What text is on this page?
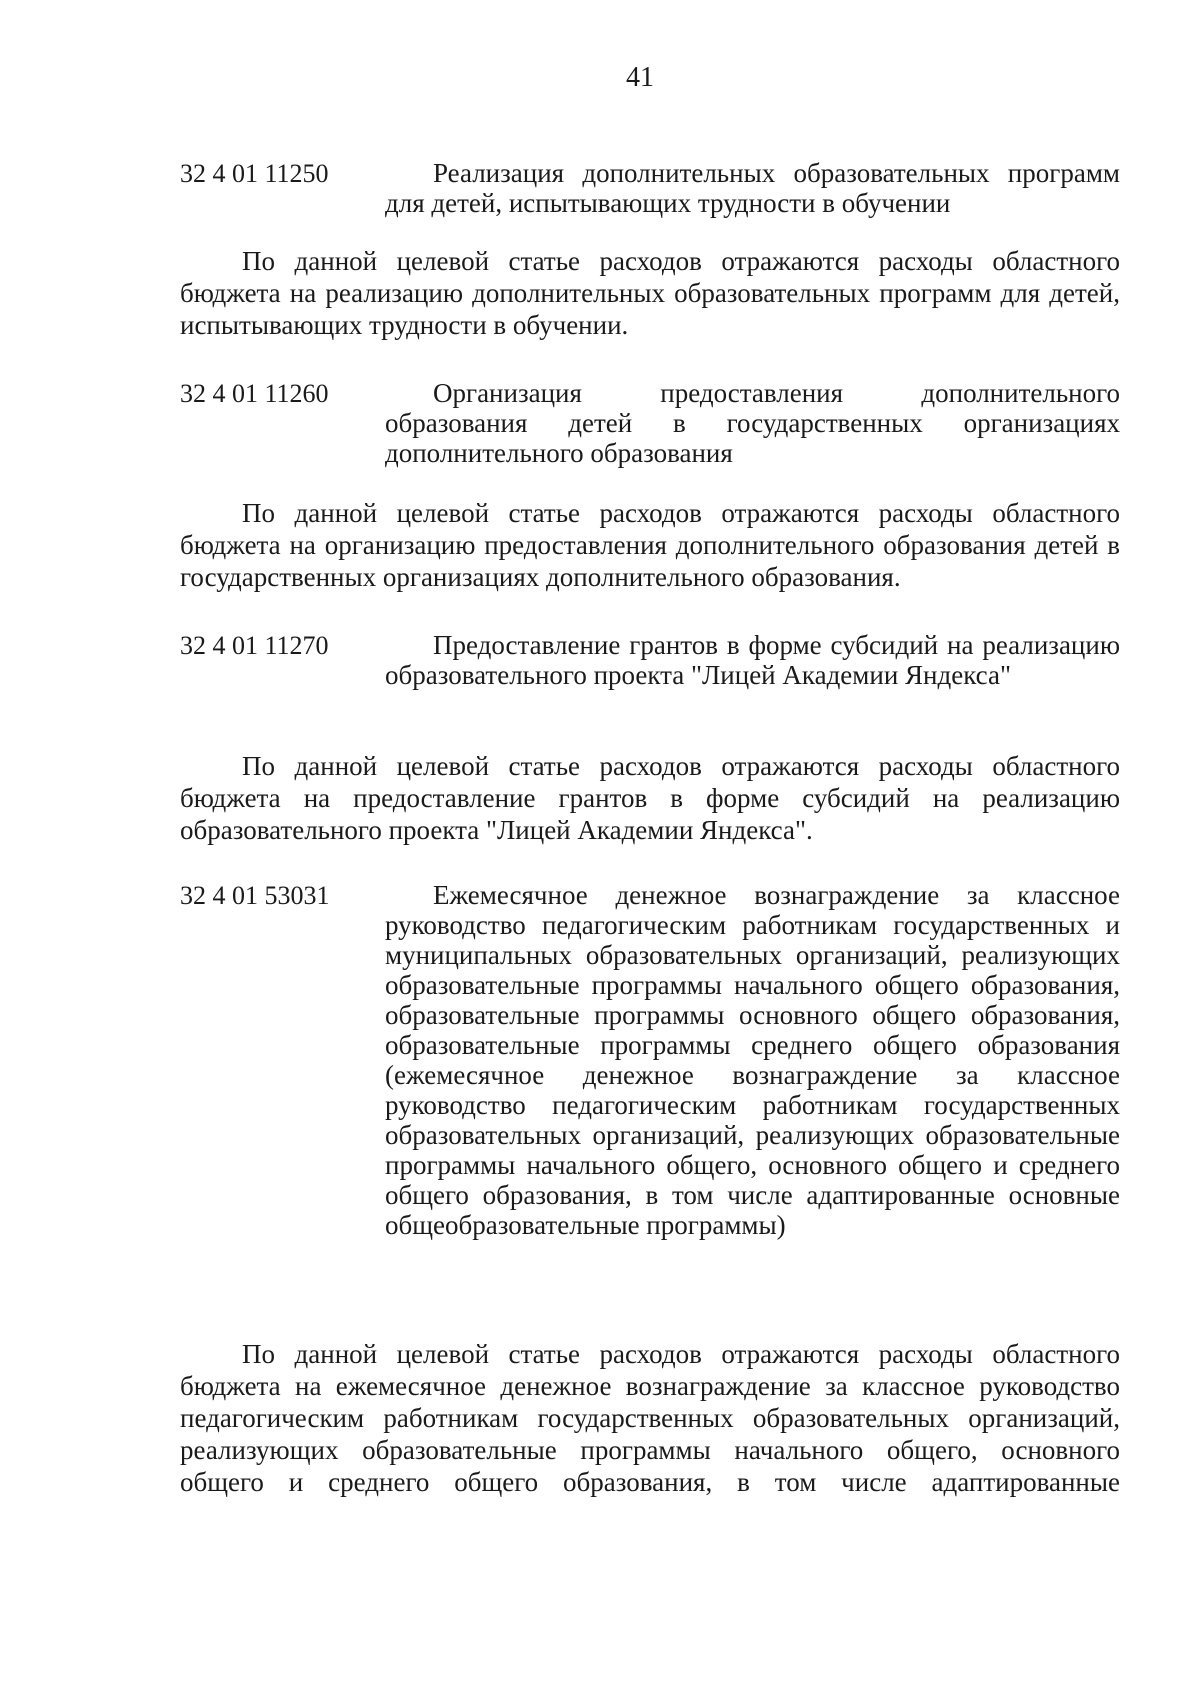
41
32 4 01 11250	Реализация дополнительных образовательных программ для детей, испытывающих трудности в обучении
По данной целевой статье расходов отражаются расходы областного бюджета на реализацию дополнительных образовательных программ для детей, испытывающих трудности в обучении.
32 4 01 11260	Организация предоставления дополнительного образования детей в государственных организациях дополнительного образования
По данной целевой статье расходов отражаются расходы областного бюджета на организацию предоставления дополнительного образования детей в государственных организациях дополнительного образования.
32 4 01 11270	Предоставление грантов в форме субсидий на реализацию образовательного проекта "Лицей Академии Яндекса"
По данной целевой статье расходов отражаются расходы областного бюджета на предоставление грантов в форме субсидий на реализацию образовательного проекта "Лицей Академии Яндекса".
32 4 01 53031	Ежемесячное денежное вознаграждение за классное руководство педагогическим работникам государственных и муниципальных образовательных организаций, реализующих образовательные программы начального общего образования, образовательные программы основного общего образования, образовательные программы среднего общего образования (ежемесячное денежное вознаграждение за классное руководство педагогическим работникам государственных образовательных организаций, реализующих образовательные программы начального общего, основного общего и среднего общего образования, в том числе адаптированные основные общеобразовательные программы)
По данной целевой статье расходов отражаются расходы областного бюджета на ежемесячное денежное вознаграждение за классное руководство педагогическим работникам государственных образовательных организаций, реализующих образовательные программы начального общего, основного общего и среднего общего образования, в том числе адаптированные
